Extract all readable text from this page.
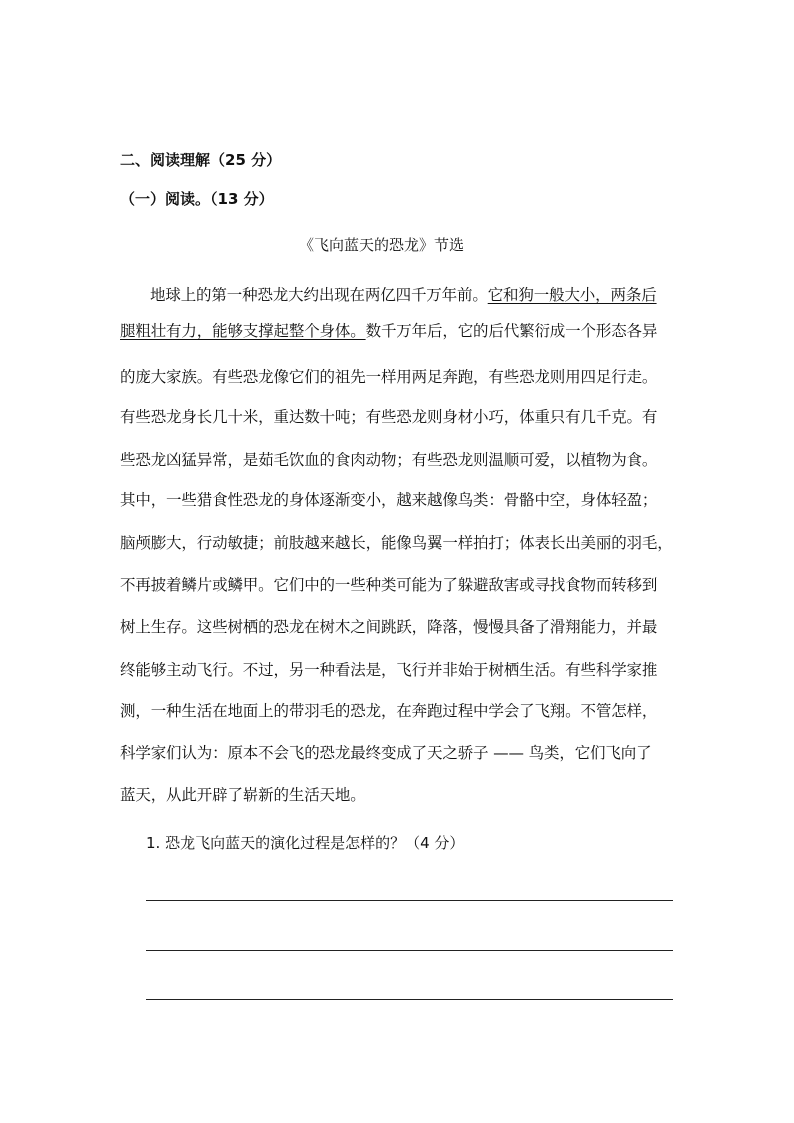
二、阅读理解（25 分）
（一）阅读。（13 分）
《飞向蓝天的恐龙》节选
地球上的第一种恐龙大约出现在两亿四千万年前。它和狗一般大小，两条后
腿粗壮有力，能够支撑起整个身体。数千万年后，它的后代繁衍成一个形态各异
的庞大家族。有些恐龙像它们的祖先一样用两足奔跑，有些恐龙则用四足行走。
有些恐龙身长几十米，重达数十吨；有些恐龙则身材小巧，体重只有几千克。有
些恐龙凶猛异常，是茹毛饮血的食肉动物；有些恐龙则温顺可爱，以植物为食。
其中，一些猎食性恐龙的身体逐渐变小，越来越像鸟类：骨骼中空，身体轻盈；
脑颅膨大，行动敏捷；前肢越来越长，能像鸟翼一样拍打；体表长出美丽的羽毛，
不再披着鳞片或鳞甲。它们中的一些种类可能为了躲避敌害或寻找食物而转移到
树上生存。这些树栖的恐龙在树木之间跳跃，降落，慢慢具备了滑翔能力，并最
终能够主动飞行。不过，另一种看法是，飞行并非始于树栖生活。有些科学家推
测，一种生活在地面上的带羽毛的恐龙，在奔跑过程中学会了飞翔。不管怎样，
科学家们认为：原本不会飞的恐龙最终变成了天之骄子 —— 鸟类，它们飞向了
蓝天，从此开辟了崭新的生活天地。
1. 恐龙飞向蓝天的演化过程是怎样的？（4 分）
